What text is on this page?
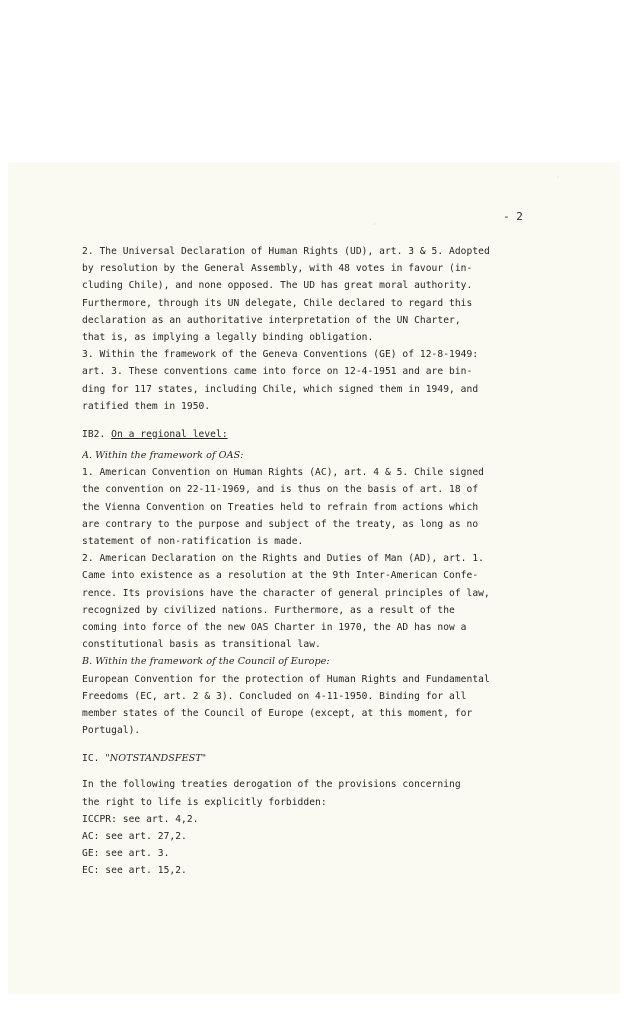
- 2
2. The Universal Declaration of Human Rights (UD), art. 3 & 5. Adopted
by resolution by the General Assembly, with 48 votes in favour (in-
cluding Chile), and none opposed. The UD has great moral authority.
Furthermore, through its UN delegate, Chile declared to regard this
declaration as an authoritative interpretation of the UN Charter,
that is, as implying a legally binding obligation.
3. Within the framework of the Geneva Conventions (GE) of 12-8-1949:
art. 3. These conventions came into force on 12-4-1951 and are bin-
ding for 117 states, including Chile, which signed them in 1949, and
ratified them in 1950.
IB2. On a regional level:
A. Within the framework of OAS:
1. American Convention on Human Rights (AC), art. 4 & 5. Chile signed
the convention on 22-11-1969, and is thus on the basis of art. 18 of
the Vienna Convention on Treaties held to refrain from actions which
are contrary to the purpose and subject of the treaty, as long as no
statement of non-ratification is made.
2. American Declaration on the Rights and Duties of Man (AD), art. 1.
Came into existence as a resolution at the 9th Inter-American Confe-
rence. Its provisions have the character of general principles of law,
recognized by civilized nations. Furthermore, as a result of the
coming into force of the new OAS Charter in 1970, the AD has now a
constitutional basis as transitional law.
B. Within the framework of the Council of Europe:
European Convention for the protection of Human Rights and Fundamental
Freedoms (EC, art. 2 & 3). Concluded on 4-11-1950. Binding for all
member states of the Council of Europe (except, at this moment, for
Portugal).
IC. "NOTSTANDSFEST"
In the following treaties derogation of the provisions concerning
the right to life is explicitly forbidden:
ICCPR: see art. 4,2.
AC: see art. 27,2.
GE: see art. 3.
EC: see art. 15,2.
